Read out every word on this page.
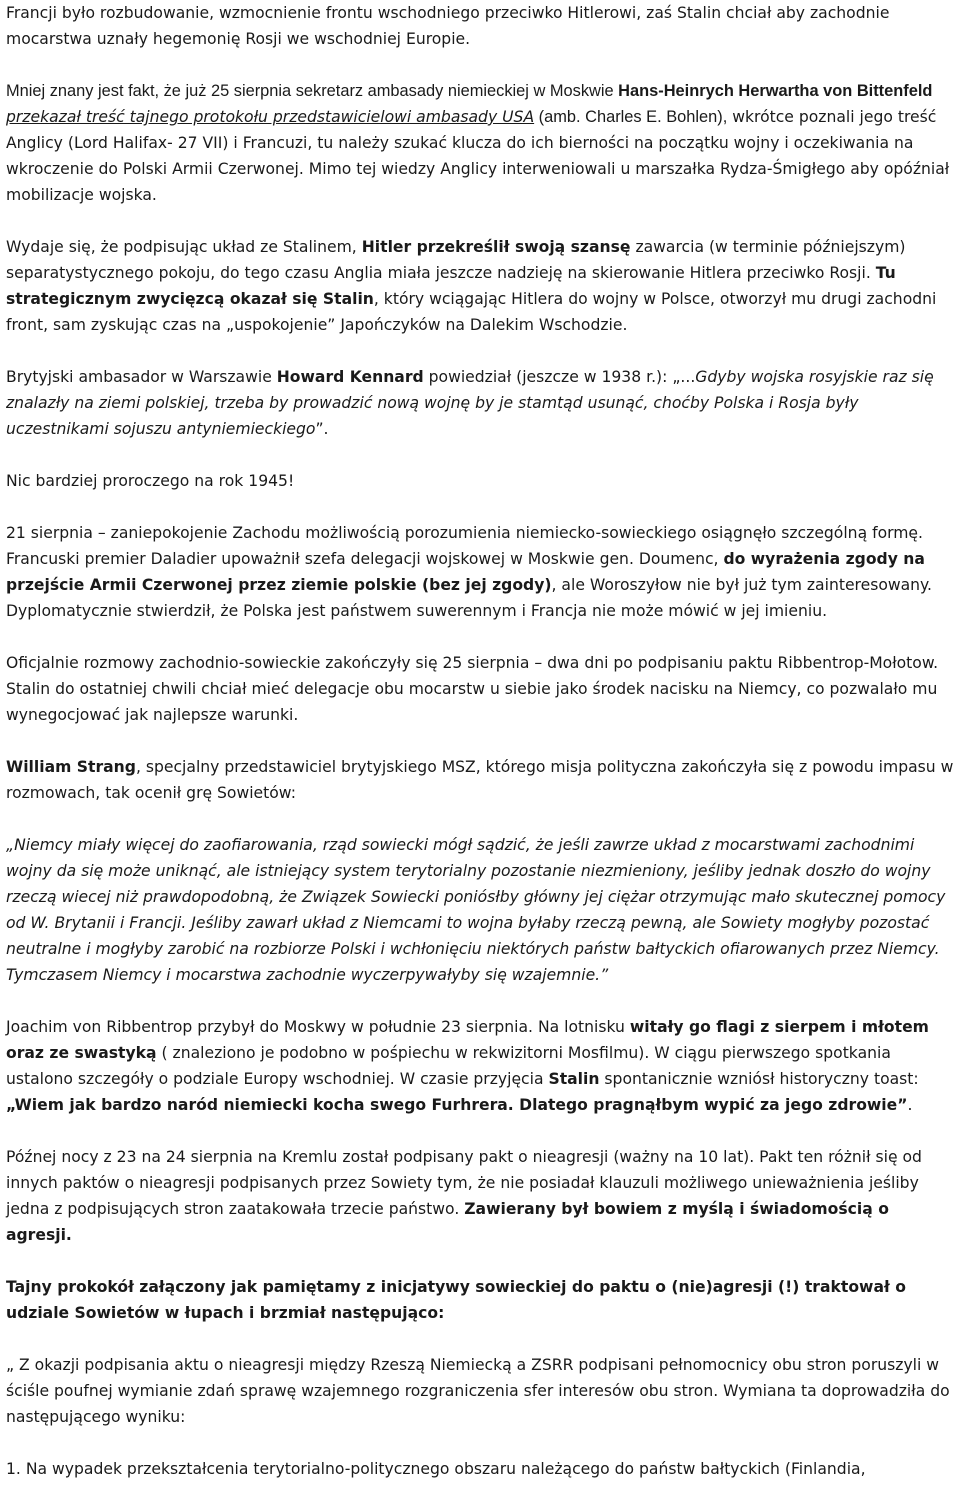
Francji było rozbudowanie, wzmocnienie frontu wschodniego przeciwko Hitlerowi, zaś Stalin chciał aby zachodnie mocarstwa uznały hegemonię Rosji we wschodniej Europie.

Mniej znany jest fakt, że już 25 sierpnia sekretarz ambasady niemieckiej w Moskwie Hans-Heinrych Herwartha von Bittenfeld przekazał treść tajnego protokołu przedstawicielowi ambasady USA (amb. Charles E. Bohlen), wkrótce poznali jego treść Anglicy (Lord Halifax- 27 VII) i Francuzi, tu należy szukać klucza do ich bierności na początku wojny i oczekiwania na wkroczenie do Polski Armii Czerwonej. Mimo tej wiedzy Anglicy interweniowali u marszałka Rydza-Śmigłego aby opóźniał mobilizacje wojska.

Wydaje się, że podpisując układ ze Stalinem, Hitler przekreślił swoją szansę zawarcia (w terminie późniejszym) separatystycznego pokoju, do tego czasu Anglia miała jeszcze nadzieję na skierowanie Hitlera przeciwko Rosji. Tu strategicznym zwycięzcą okazał się Stalin, który wciągając Hitlera do wojny w Polsce, otworzył mu drugi zachodni front, sam zyskując czas na „uspokojenie” Japończyków na Dalekim Wschodzie.

Brytyjski ambasador w Warszawie Howard Kennard powiedział (jeszcze w 1938 r.): „...Gdyby wojska rosyjskie raz się znalazły na ziemi polskiej, trzeba by prowadzić nową wojnę by je stamtąd usunąć, choćby Polska i Rosja były uczestnikami sojuszu antyniemieckiego”.

Nic bardziej proroczego na rok 1945!

21 sierpnia – zaniepokojenie Zachodu możliwością porozumienia niemiecko-sowieckiego osiągnęło szczególną formę. Francuski premier Daladier upoważnił szefa delegacji wojskowej w Moskwie gen. Doumenc, do wyrażenia zgody na przejście Armii Czerwonej przez ziemie polskie (bez jej zgody), ale Woroszyłow nie był już tym zainteresowany. Dyplomatycznie stwierdził, że Polska jest państwem suwerennym i Francja nie może mówić w jej imieniu.

Oficjalnie rozmowy zachodnio-sowieckie zakończyły się 25 sierpnia – dwa dni po podpisaniu paktu Ribbentrop-Mołotow. Stalin do ostatniej chwili chciał mieć delegacje obu mocarstw u siebie jako środek nacisku na Niemcy, co pozwalało mu wynegocjować jak najlepsze warunki.

William Strang, specjalny przedstawiciel brytyjskiego MSZ, którego misja polityczna zakończyła się z powodu impasu w rozmowach, tak ocenił grę Sowietów:

„Niemcy miały więcej do zaofiarowania, rząd sowiecki mógł sądzić, że jeśli zawrze układ z mocarstwami zachodnimi wojny da się może uniknąć, ale istniejący system terytorialny pozostanie niezmieniony, jeśliby jednak doszło do wojny rzeczą wiecej niż prawdopodobną, że Związek Sowiecki poniósłby główny jej ciężar otrzymując mało skutecznej pomocy od W. Brytanii i Francji. Jeśliby zawarł układ z Niemcami to wojna byłaby rzeczą pewną, ale Sowiety mogłyby pozostać neutralne i mogłyby zarobić na rozbiorze Polski i wchłonięciu niektórych państw bałtyckich ofiarowanych przez Niemcy. Tymczasem Niemcy i mocarstwa zachodnie wyczerpywałyby się wzajemnie.”

Joachim von Ribbentrop przybył do Moskwy w południe 23 sierpnia. Na lotnisku witały go flagi z sierpem i młotem oraz ze swastyką ( znaleziono je podobno w pośpiechu w rekwizitorni Mosfilmu). W ciągu pierwszego spotkania ustalono szczegóły o podziale Europy wschodniej. W czasie przyjęcia Stalin spontanicznie wzniósł historyczny toast: „Wiem jak bardzo naród niemiecki kocha swego Furhrera. Dlatego pragnąłbym wypić za jego zdrowie”.

Późnej nocy z 23 na 24 sierpnia na Kremlu został podpisany pakt o nieagresji (ważny na 10 lat). Pakt ten różnił się od innych paktów o nieagresji podpisanych przez Sowiety tym, że nie posiadał klauzuli możliwego unieważnienia jeśliby jedna z podpisujących stron zaatakowała trzecie państwo. Zawierany był bowiem z myślą i świadomością o agresji.

Tajny prokokół załączony jak pamiętamy z inicjatywy sowieckiej do paktu o (nie)agresji (!) traktował o udziale Sowietów w łupach i brzmiał następująco:

„ Z okazji podpisania aktu o nieagresji między Rzeszą Niemiecką a ZSRR podpisani pełnomocnicy obu stron poruszyli w ściśle poufnej wymianie zdań sprawę wzajemnego rozgraniczenia sfer interesów obu stron. Wymiana ta doprowadziła do następującego wyniku:

1. Na wypadek przekształcenia terytorialno-politycznego obszaru należącego do państw bałtyckich (Finlandia,
